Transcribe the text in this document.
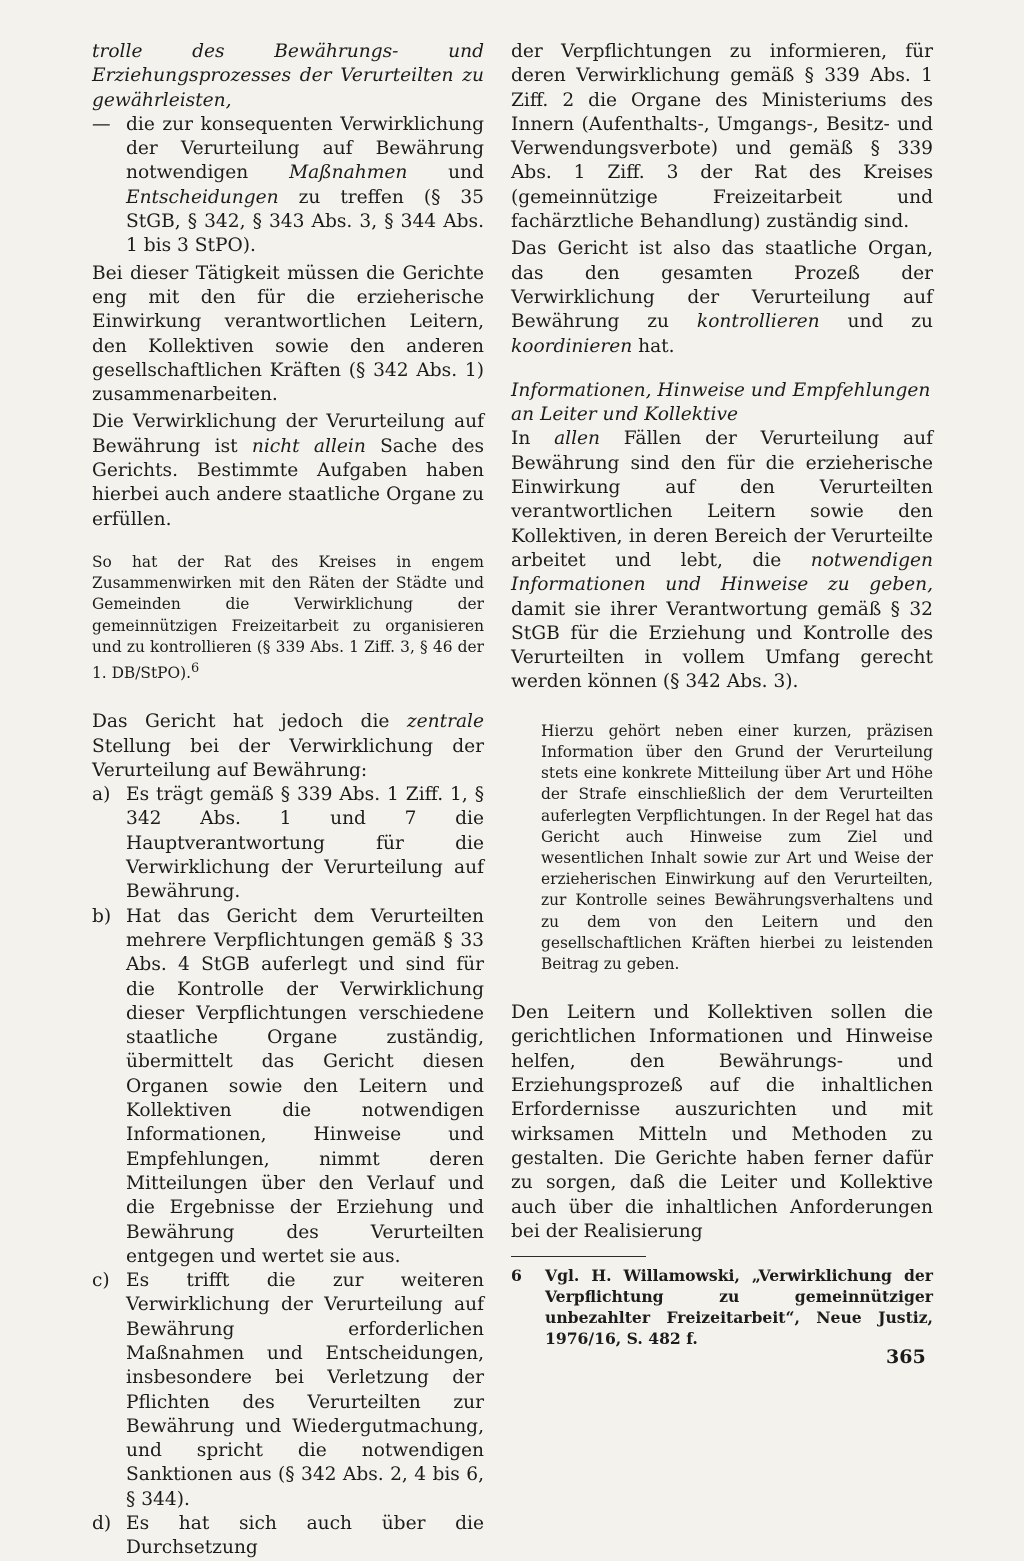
trolle des Bewährungs- und Erziehungsprozesses der Verurteilten zu gewährleisten,

— die zur konsequenten Verwirklichung der Verurteilung auf Bewährung notwendigen Maßnahmen und Entscheidungen zu treffen (§ 35 StGB, § 342, § 343 Abs. 3, § 344 Abs. 1 bis 3 StPO).

Bei dieser Tätigkeit müssen die Gerichte eng mit den für die erzieherische Einwirkung verantwortlichen Leitern, den Kollektiven sowie den anderen gesellschaftlichen Kräften (§ 342 Abs. 1) zusammenarbeiten.

Die Verwirklichung der Verurteilung auf Bewährung ist nicht allein Sache des Gerichts. Bestimmte Aufgaben haben hierbei auch andere staatliche Organe zu erfüllen.

So hat der Rat des Kreises in engem Zusammenwirken mit den Räten der Städte und Gemeinden die Verwirklichung der gemeinnützigen Freizeitarbeit zu organisieren und zu kontrollieren (§ 339 Abs. 1 Ziff. 3, § 46 der 1. DB/StPO).$^6$

Das Gericht hat jedoch die zentrale Stellung bei der Verwirklichung der Verurteilung auf Bewährung:

a) Es trägt gemäß § 339 Abs. 1 Ziff. 1, § 342 Abs. 1 und 7 die Hauptverantwortung für die Verwirklichung der Verurteilung auf Bewährung.
b) Hat das Gericht dem Verurteilten mehrere Verpflichtungen gemäß § 33 Abs. 4 StGB auferlegt und sind für die Kontrolle der Verwirklichung dieser Verpflichtungen verschiedene staatliche Organe zuständig, übermittelt das Gericht diesen Organen sowie den Leitern und Kollektiven die notwendigen Informationen, Hinweise und Empfehlungen, nimmt deren Mitteilungen über den Verlauf und die Ergebnisse der Erziehung und Bewährung des Verurteilten entgegen und wertet sie aus.
c) Es trifft die zur weiteren Verwirklichung der Verurteilung auf Bewährung erforderlichen Maßnahmen und Entscheidungen, insbesondere bei Verletzung der Pflichten des Verurteilten zur Bewährung und Wiedergutmachung, und spricht die notwendigen Sanktionen aus (§ 342 Abs. 2, 4 bis 6, § 344).
d) Es hat sich auch über die Durchsetzung

der Verpflichtungen zu informieren, für deren Verwirklichung gemäß § 339 Abs. 1 Ziff. 2 die Organe des Ministeriums des Innern (Aufenthalts-, Umgangs-, Besitz- und Verwendungsverbote) und gemäß § 339 Abs. 1 Ziff. 3 der Rat des Kreises (gemeinnützige Freizeitarbeit und fachärztliche Behandlung) zuständig sind.

Das Gericht ist also das staatliche Organ, das den gesamten Prozeß der Verwirklichung der Verurteilung auf Bewährung zu kontrollieren und zu koordinieren hat.

Informationen, Hinweise und Empfehlungen an Leiter und Kollektive

In allen Fällen der Verurteilung auf Bewährung sind den für die erzieherische Einwirkung auf den Verurteilten verantwortlichen Leitern sowie den Kollektiven, in deren Bereich der Verurteilte arbeitet und lebt, die notwendigen Informationen und Hinweise zu geben, damit sie ihrer Verantwortung gemäß § 32 StGB für die Erziehung und Kontrolle des Verurteilten in vollem Umfang gerecht werden können (§ 342 Abs. 3).

Hierzu gehört neben einer kurzen, präzisen Information über den Grund der Verurteilung stets eine konkrete Mitteilung über Art und Höhe der Strafe einschließlich der dem Verurteilten auferlegten Verpflichtungen. In der Regel hat das Gericht auch Hinweise zum Ziel und wesentlichen Inhalt sowie zur Art und Weise der erzieherischen Einwirkung auf den Verurteilten, zur Kontrolle seines Bewährungsverhaltens und zu dem von den Leitern und den gesellschaftlichen Kräften hierbei zu leistenden Beitrag zu geben.

Den Leitern und Kollektiven sollen die gerichtlichen Informationen und Hinweise helfen, den Bewährungs- und Erziehungsprozeß auf die inhaltlichen Erfordernisse auszurichten und mit wirksamen Mitteln und Methoden zu gestalten. Die Gerichte haben ferner dafür zu sorgen, daß die Leiter und Kollektive auch über die inhaltlichen Anforderungen bei der Realisierung

6	Vgl. H. Willamowski, „Verwirklichung der Verpflichtung zu gemeinnütziger unbezahlter Freizeitarbeit“, Neue Justiz, 1976/16, S. 482 f.
365
